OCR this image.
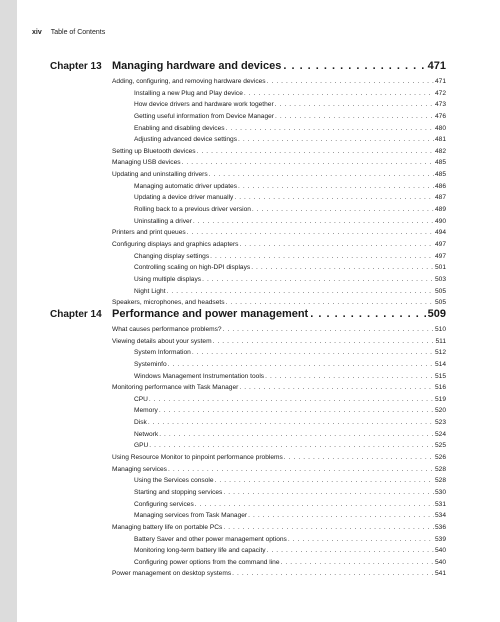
xiv Table of Contents
Chapter 13 Managing hardware and devices . . .	471
Adding, configuring, and removing hardware devices . . .	471
Installing a new Plug and Play device . . .	472
How device drivers and hardware work together . . .	473
Getting useful information from Device Manager . . .	476
Enabling and disabling devices . . .	480
Adjusting advanced device settings . . .	481
Setting up Bluetooth devices . . .	482
Managing USB devices . . .	485
Updating and uninstalling drivers . . .	485
Managing automatic driver updates . . .	486
Updating a device driver manually . . .	487
Rolling back to a previous driver version . . .	489
Uninstalling a driver . . .	490
Printers and print queues . . .	494
Configuring displays and graphics adapters . . .	497
Changing display settings . . .	497
Controlling scaling on high-DPI displays . . .	501
Using multiple displays . . .	503
Night Light . . .	505
Speakers, microphones, and headsets . . .	505
Chapter 14 Performance and power management . . .	509
What causes performance problems? . . .	510
Viewing details about your system . . .	511
System Information . . .	512
Systeminfo . . .	514
Windows Management Instrumentation tools . . .	515
Monitoring performance with Task Manager . . .	516
CPU . . .	519
Memory . . .	520
Disk . . .	523
Network . . .	524
GPU . . .	525
Using Resource Monitor to pinpoint performance problems . . .	526
Managing services . . .	528
Using the Services console . . .	528
Starting and stopping services . . .	530
Configuring services . . .	531
Managing services from Task Manager . . .	534
Managing battery life on portable PCs . . .	536
Battery Saver and other power management options . . .	539
Monitoring long-term battery life and capacity . . .	540
Configuring power options from the command line . . .	540
Power management on desktop systems . . .	541
